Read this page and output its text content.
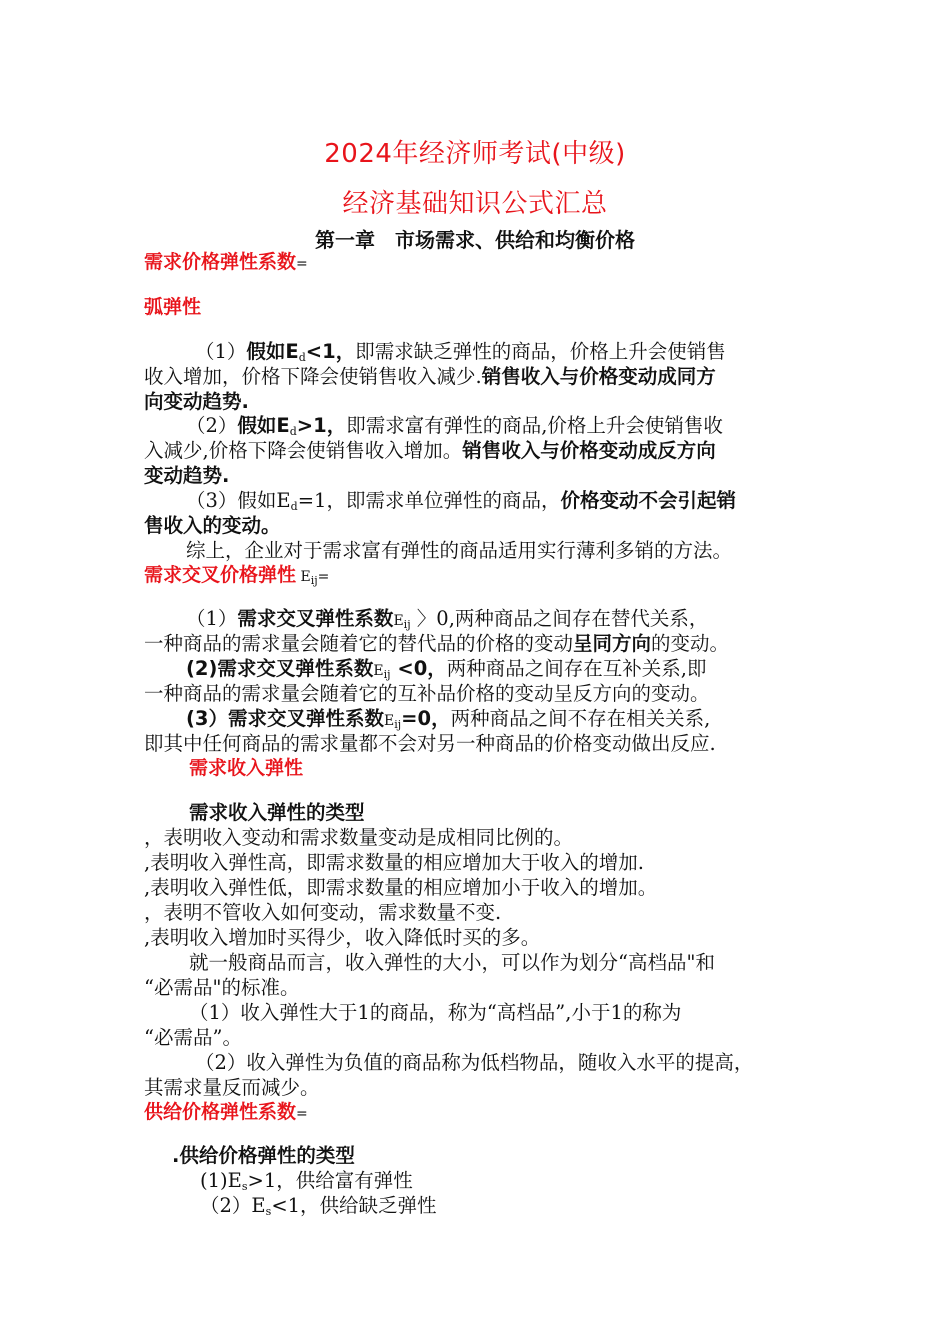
2024年经济师考试(中级)
经济基础知识公式汇总
第一章　市场需求、供给和均衡价格
需求价格弹性系数=
弧弹性
（1）假如$E_d<1$，即需求缺乏弹性的商品，价格上升会使销售
收入增加，价格下降会使销售收入减少.销售收入与价格变动成同方
向变动趋势.
（2）假如$E_d>1$，即需求富有弹性的商品,价格上升会使销售收
入减少,价格下降会使销售收入增加。销售收入与价格变动成反方向
变动趋势.
（3）假如$E_d=1$，即需求单位弹性的商品，价格变动不会引起销
售收入的变动。
综上，企业对于需求富有弹性的商品适用实行薄利多销的方法。
需求交叉价格弹性 $E_{ij}=$
（1）需求交叉弹性系数$E_{ij}$ 〉0,两种商品之间存在替代关系，
一种商品的需求量会随着它的替代品的价格的变动呈同方向的变动。
(2)需求交叉弹性系数$E_{ij} <0$，两种商品之间存在互补关系,即
一种商品的需求量会随着它的互补品价格的变动呈反方向的变动。
(3）需求交叉弹性系数$E_{ij}=0$，两种商品之间不存在相关关系,
即其中任何商品的需求量都不会对另一种商品的价格变动做出反应.
需求收入弹性
需求收入弹性的类型
，表明收入变动和需求数量变动是成相同比例的。
,表明收入弹性高，即需求数量的相应增加大于收入的增加.
,表明收入弹性低，即需求数量的相应增加小于收入的增加。
，表明不管收入如何变动，需求数量不变.
,表明收入增加时买得少，收入降低时买的多。
就一般商品而言，收入弹性的大小，可以作为划分“高档品"和
“必需品"的标准。
（1）收入弹性大于1的商品，称为“高档品”,小于1的称为
“必需品”。
（2）收入弹性为负值的商品称为低档物品，随收入水平的提高，
其需求量反而减少。
供给价格弹性系数=
.供给价格弹性的类型
$(1)E_s>1$，供给富有弹性
$(2)E_s<1$，供给缺乏弹性
